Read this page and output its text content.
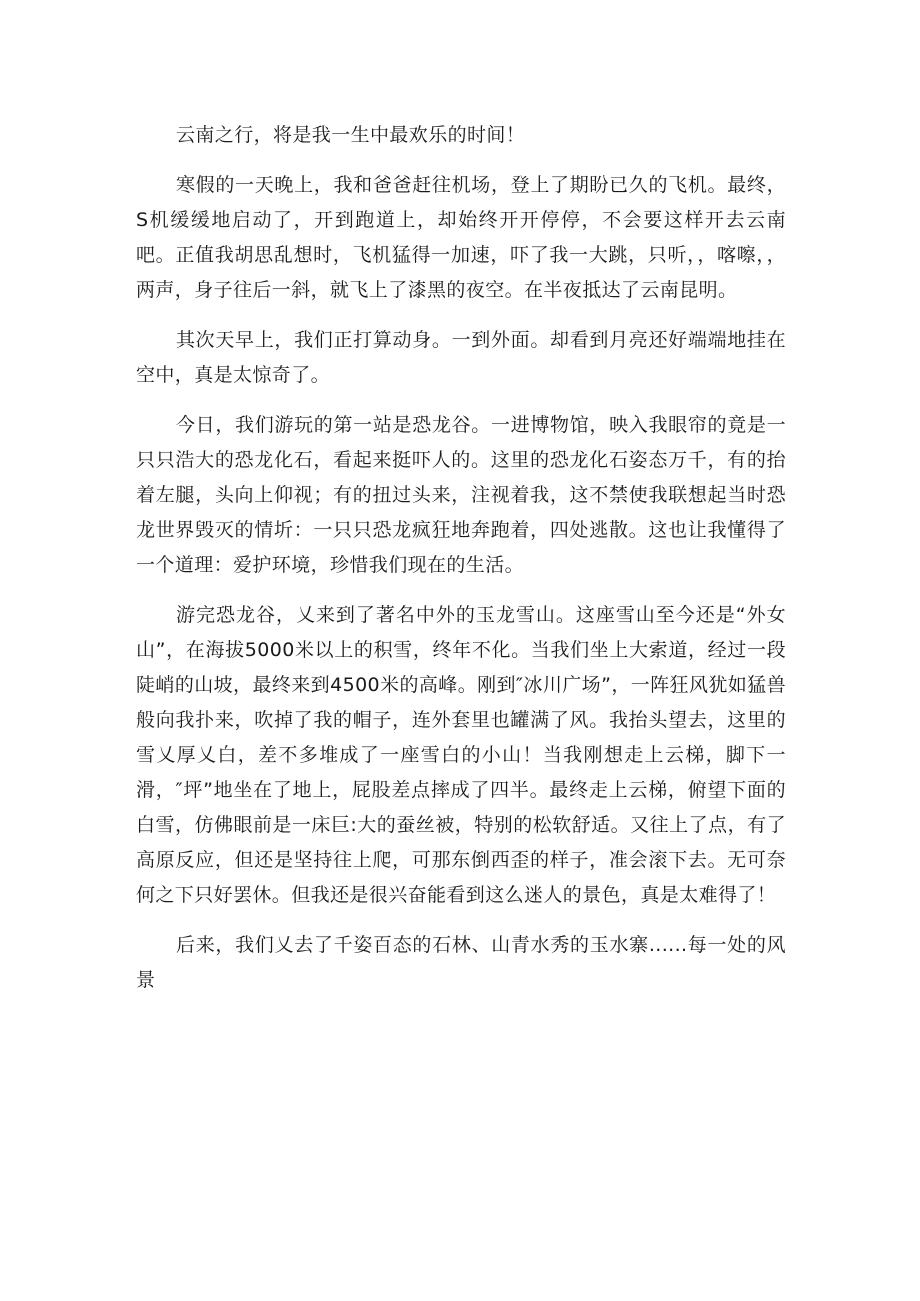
云南之行，将是我一生中最欢乐的时间！

寒假的一天晚上，我和爸爸赶往机场，登上了期盼已久的飞机。最终，S机缓缓地启动了，开到跑道上，却始终开开停停，不会要这样开去云南吧。正值我胡思乱想时，飞机猛得一加速，吓了我一大跳，只听，，喀嚓，，两声，身子往后一斜，就飞上了漆黑的夜空。在半夜抵达了云南昆明。

其次天早上，我们正打算动身。一到外面。却看到月亮还好端端地挂在空中，真是太惊奇了。

今日，我们游玩的第一站是恐龙谷。一进博物馆，映入我眼帘的竟是一只只浩大的恐龙化石，看起来挺吓人的。这里的恐龙化石姿态万千，有的抬着左腿，头向上仰视；有的扭过头来，注视着我，这不禁使我联想起当时恐龙世界毁灭的情圻：一只只恐龙疯狂地奔跑着，四处逃散。这也让我懂得了一个道理：爱护环境，珍惜我们现在的生活。

游完恐龙谷，乂来到了著名中外的玉龙雪山。这座雪山至今还是“外女山”，在海拔5000米以上的积雪，终年不化。当我们坐上大索道，经过一段陡峭的山坡，最终来到4500米的高峰。刚到″冰川广场”，一阵狂风犹如猛兽般向我扑来，吹掉了我的帽子，连外套里也罐满了风。我抬头望去，这里的雪乂厚乂白，差不多堆成了一座雪白的小山！当我刚想走上云梯，脚下一滑，″坪”地坐在了地上，屁股差点摔成了四半。最终走上云梯，俯望下面的白雪，仿佛眼前是一床巨:大的蚕丝被，特别的松软舒适。又往上了点，有了高原反应，但还是坚持往上爬，可那东倒西歪的样子，准会滚下去。无可奈何之下只好罢休。但我还是很兴奋能看到这么迷人的景色，真是太难得了！

后来，我们乂去了千姿百态的石林、山青水秀的玉水寨......每一处的风景
